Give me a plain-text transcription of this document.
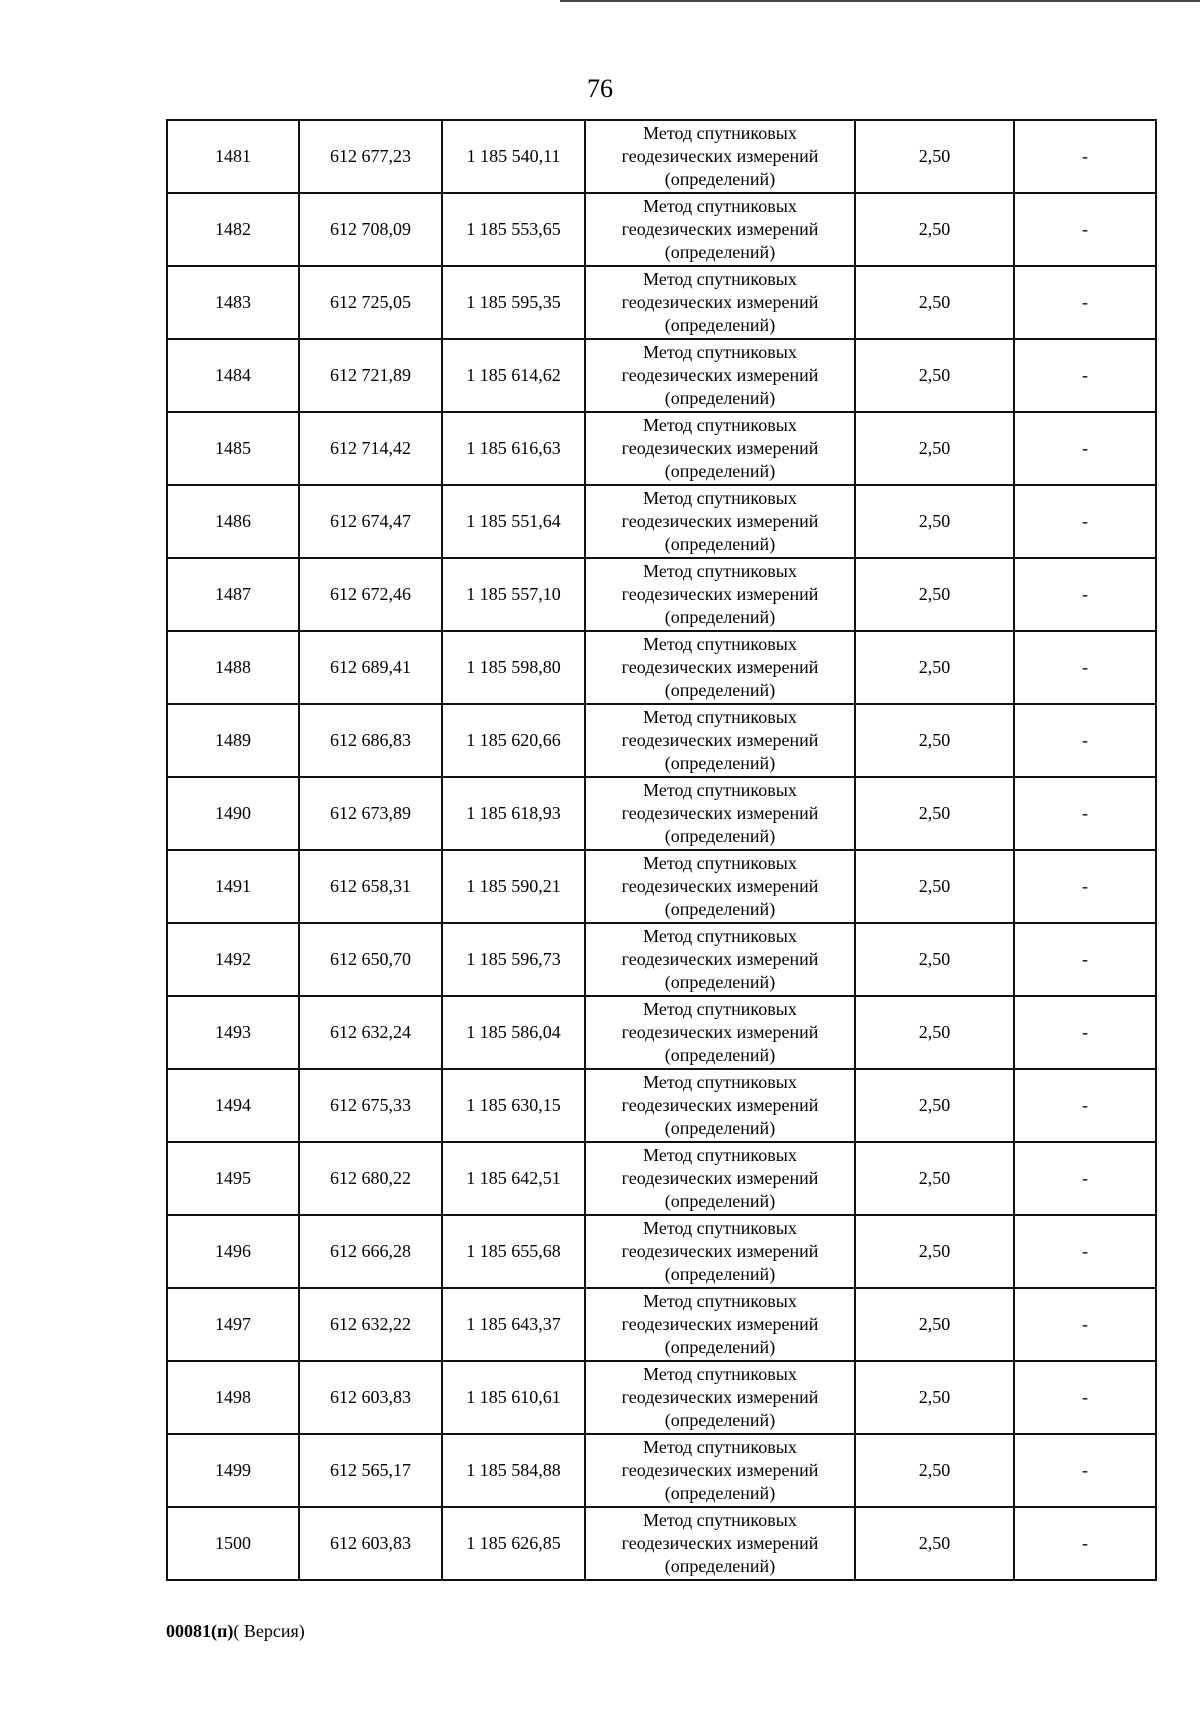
76
1481	612 677,23	1 185 540,11	Метод спутниковых
геодезических измерений
(определений)	2,50	-
1482	612 708,09	1 185 553,65	Метод спутниковых
геодезических измерений
(определений)	2,50	-
1483	612 725,05	1 185 595,35	Метод спутниковых
геодезических измерений
(определений)	2,50	-
1484	612 721,89	1 185 614,62	Метод спутниковых
геодезических измерений
(определений)	2,50	-
1485	612 714,42	1 185 616,63	Метод спутниковых
геодезических измерений
(определений)	2,50	-
1486	612 674,47	1 185 551,64	Метод спутниковых
геодезических измерений
(определений)	2,50	-
1487	612 672,46	1 185 557,10	Метод спутниковых
геодезических измерений
(определений)	2,50	-
1488	612 689,41	1 185 598,80	Метод спутниковых
геодезических измерений
(определений)	2,50	-
1489	612 686,83	1 185 620,66	Метод спутниковых
геодезических измерений
(определений)	2,50	-
1490	612 673,89	1 185 618,93	Метод спутниковых
геодезических измерений
(определений)	2,50	-
1491	612 658,31	1 185 590,21	Метод спутниковых
геодезических измерений
(определений)	2,50	-
1492	612 650,70	1 185 596,73	Метод спутниковых
геодезических измерений
(определений)	2,50	-
1493	612 632,24	1 185 586,04	Метод спутниковых
геодезических измерений
(определений)	2,50	-
1494	612 675,33	1 185 630,15	Метод спутниковых
геодезических измерений
(определений)	2,50	-
1495	612 680,22	1 185 642,51	Метод спутниковых
геодезических измерений
(определений)	2,50	-
1496	612 666,28	1 185 655,68	Метод спутниковых
геодезических измерений
(определений)	2,50	-
1497	612 632,22	1 185 643,37	Метод спутниковых
геодезических измерений
(определений)	2,50	-
1498	612 603,83	1 185 610,61	Метод спутниковых
геодезических измерений
(определений)	2,50	-
1499	612 565,17	1 185 584,88	Метод спутниковых
геодезических измерений
(определений)	2,50	-
1500	612 603,83	1 185 626,85	Метод спутниковых
геодезических измерений
(определений)	2,50	-
00081(п)( Версия)
